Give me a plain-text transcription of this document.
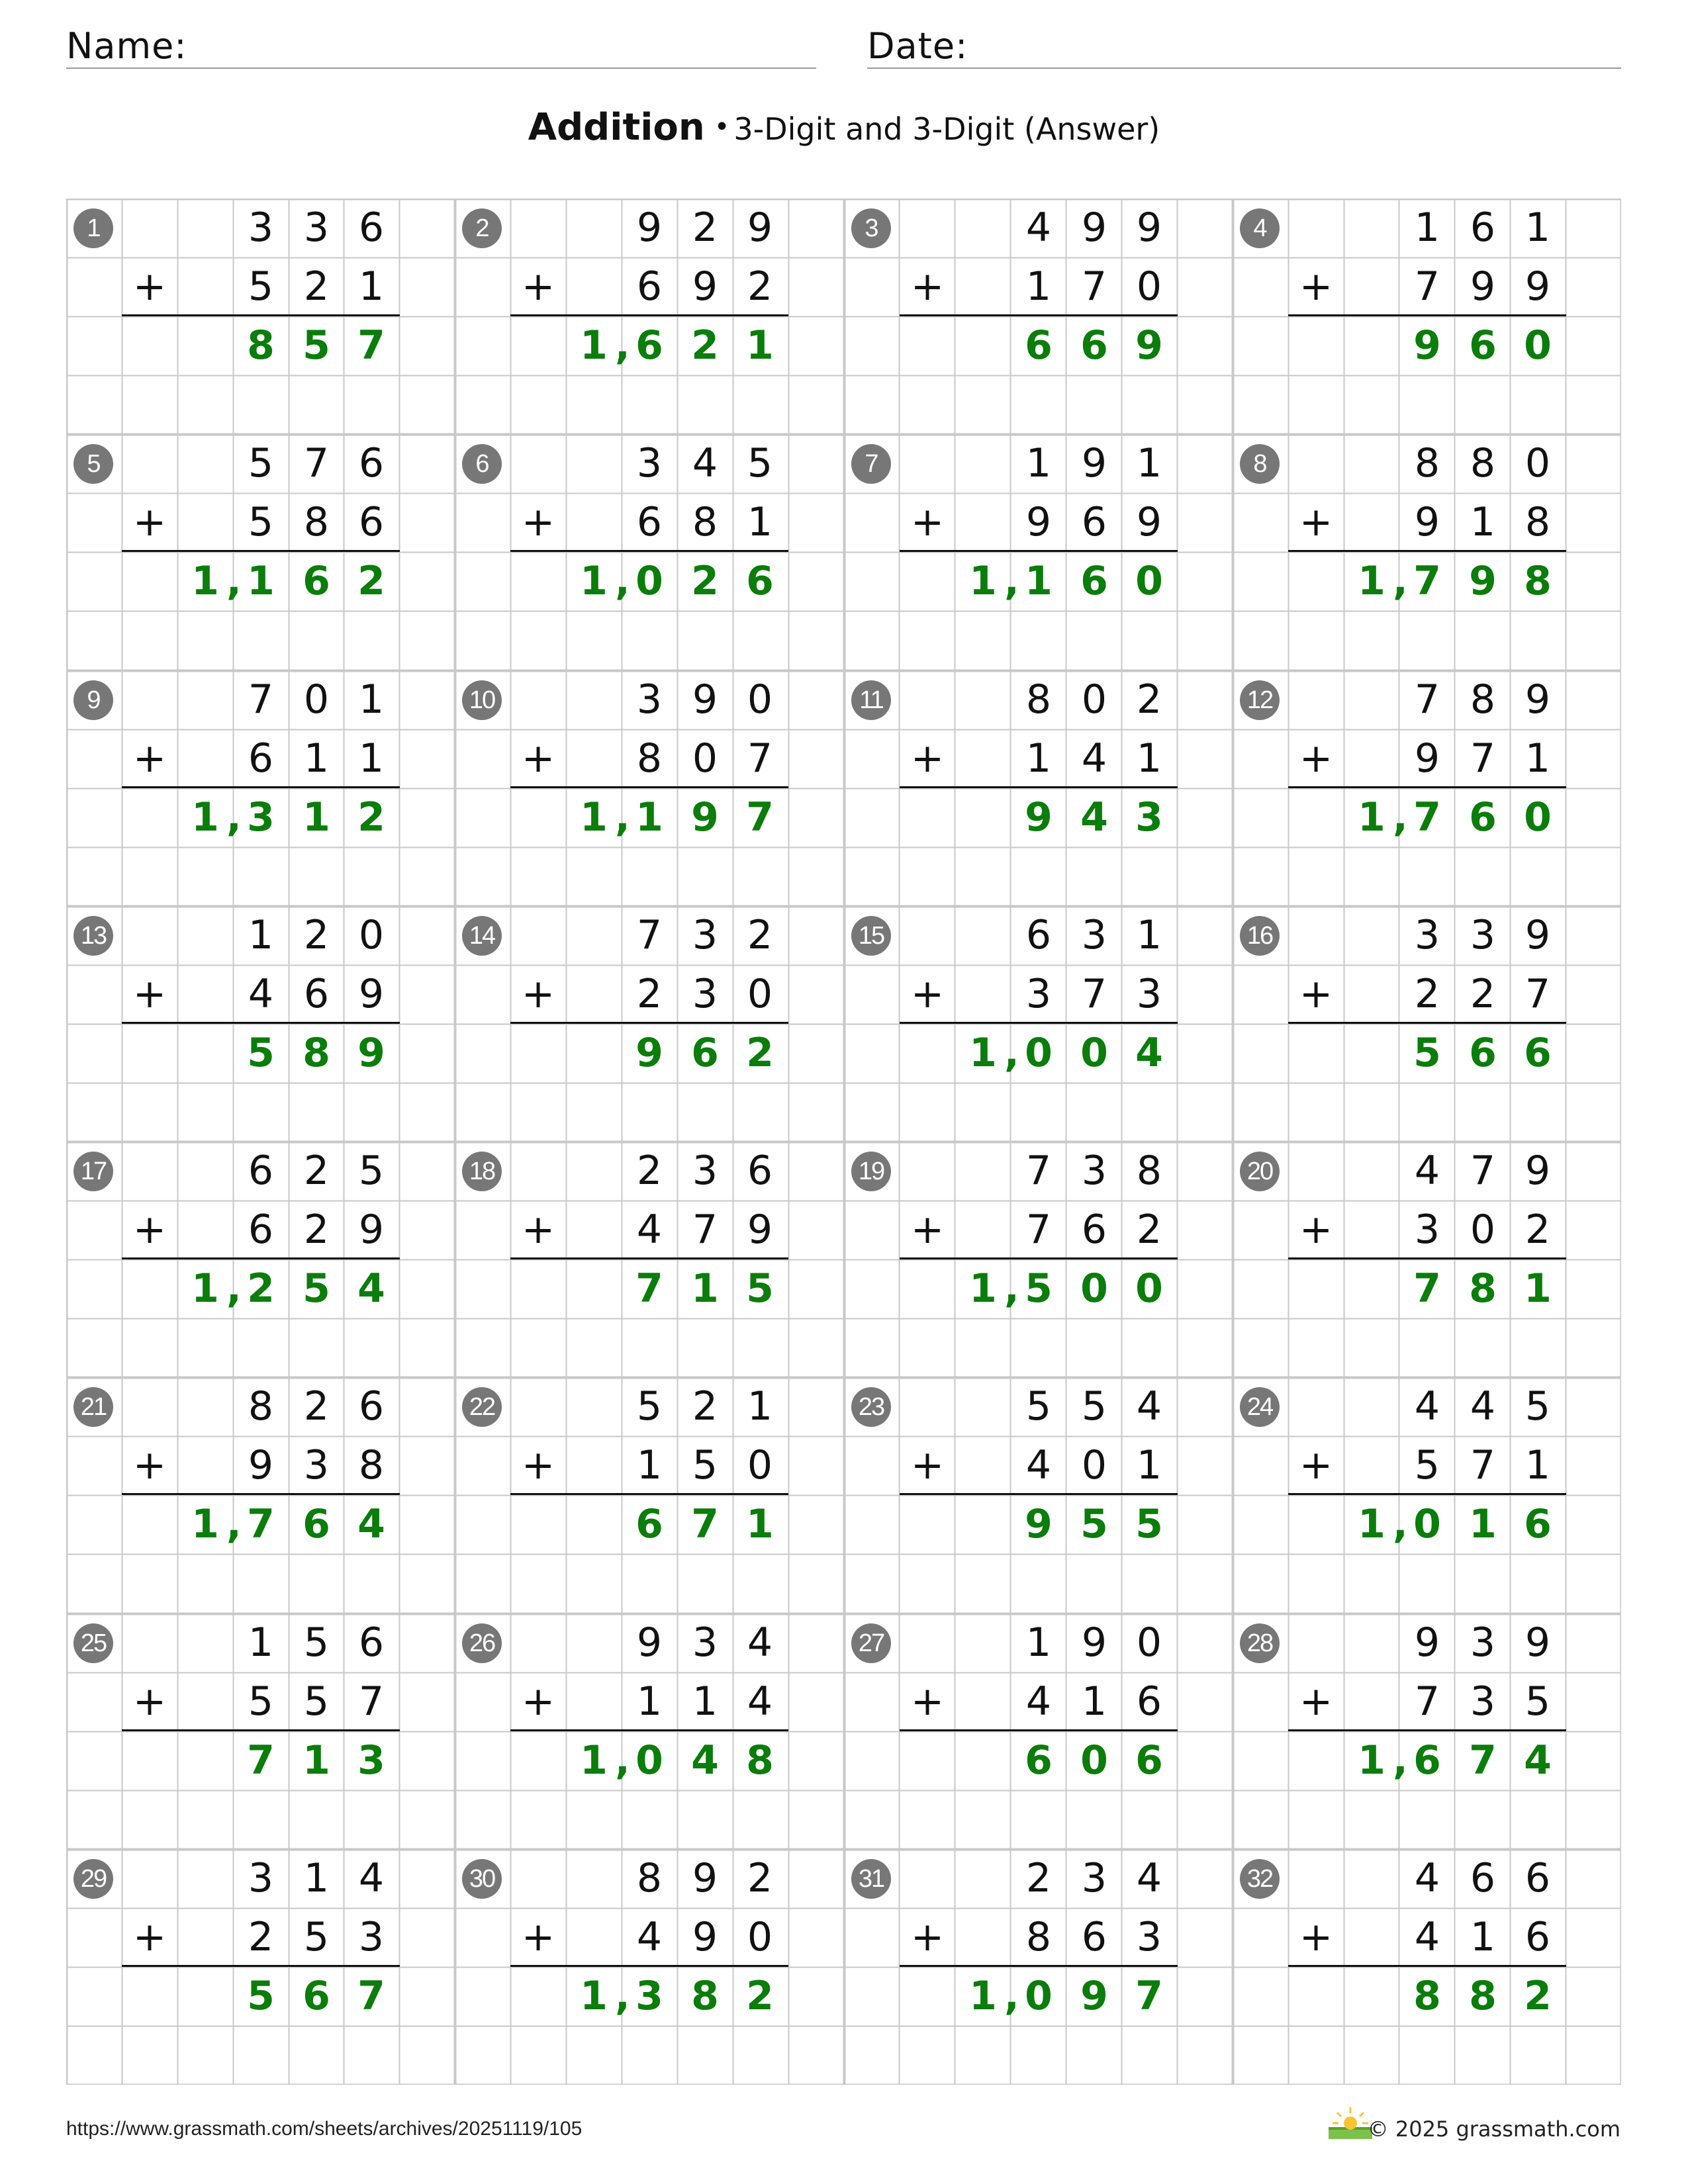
Name:	Date:
Addition • 3-Digit and 3-Digit (Answer)
1	3 3 6
5 2 1
+
8 5 7
2	9 2 9
6 9 2
+
1 6 2 1
,
3	4 9 9
1 7 0
+
6 6 9
4	1 6 1
7 9 9
+
9 6 0
5	5 7 6
5 8 6
+
1 1 6 2
,
6	3 4 5
6 8 1
+
1 0 2 6
,
7	1 9 1
9 6 9
+
1 1 6 0
,
8	8 8 0
9 1 8
+
1 7 9 8
,
9	7 0 1
6 1 1
+
1 3 1 2
,
10	3 9 0
8 0 7
+
1 1 9 7
,
11	8 0 2
1 4 1
+
9 4 3
12	7 8 9
9 7 1
+
1 7 6 0
,
13	1 2 0
4 6 9
+
5 8 9
14	7 3 2
2 3 0
+
9 6 2
15	6 3 1
3 7 3
+
1 0 0 4
,
16	3 3 9
2 2 7
+
5 6 6
17	6 2 5
6 2 9
+
1 2 5 4
,
18	2 3 6
4 7 9
+
7 1 5
19	7 3 8
7 6 2
+
1 5 0 0
,
20	4 7 9
3 0 2
+
7 8 1
21	8 2 6
9 3 8
+
1 7 6 4
,
22	5 2 1
1 5 0
+
6 7 1
23	5 5 4
4 0 1
+
9 5 5
24	4 4 5
5 7 1
+
1 0 1 6
,
25	1 5 6
5 5 7
+
7 1 3
26	9 3 4
1 1 4
+
1 0 4 8
,
27	1 9 0
4 1 6
+
6 0 6
28	9 3 9
7 3 5
+
1 6 7 4
,
29	3 1 4
2 5 3
+
5 6 7
30	8 9 2
4 9 0
+
1 3 8 2
,
31	2 3 4
8 6 3
+
1 0 9 7
,
32	4 6 6
4 1 6
+
8 8 2
https://www.grassmath.com/sheets/archives/20251119/105	© 2025 grassmath.com
